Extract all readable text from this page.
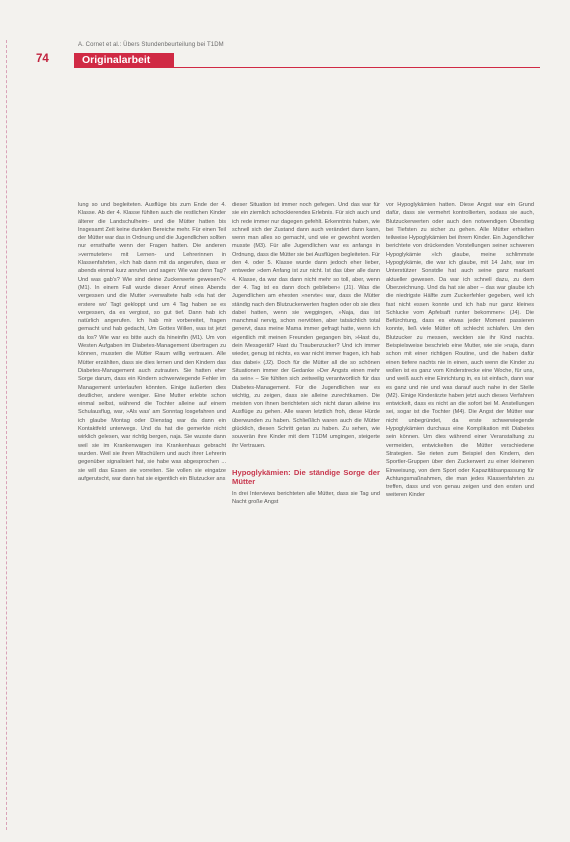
A. Cornet et al.: Übers Stundenbeurteilung bei T1DM
74	Originalarbeit

lung so und begleiteten. Ausflüge bis zum Ende der 4. Klasse. Ab der 4. Klasse fühlten auch die restlichen Kinder älterer die Landschulheim- und die Mütter hatten bis Insgesamt Zeit keine dunklen Bereiche mehr. Für einen Teil der Mütter war das in Ordnung und die Jugendlichen sollten nur ernsthafte wenn der Fragen hatten. Die anderen »vermuteten« mit Lernen- und Lehrerinnen in Klassenfahrten, »Ich hab dann mit da angerufen, dass er abends einmal kurz anrufen und sagen: Wie war denn Tag? Und was gab's? Wie sind deine Zuckerwerte gewesen?« (M1). In einem Fall wurde dieser Anruf eines Abends vergessen und die Mutter »verwaltete halb »da hat der erstere wo' Tagt gekloppt und um 4 Tag haben se es vergessen, da es vergisst, so gut tief. Dann hab ich natürlich angerufen. Ich hab mir vorbereitet, fragen gemacht und hab gedacht, Um Gottes Willen, was ist jetzt da los? Wie war es bitte auch da hineinfin (M1). Um von Westen Aufgaben im Diabetes-Management übertragen zu können, mussten die Mütter Raum willig vertrauen. Alle Mütter erzählten, dass sie dies lernen und den Kindern das Diabetes-Management auch zutrauten. Sie hatten eher Sorge darum, dass ein Kindern schwerwiegende Fehler im Management unterlaufen könnten. Einige äußerten dies deutlicher, andere weniger. Eine Mutter erlebte schon einmal selbst, während die Tochter alleine auf einem Schulausflug, war, »Als was' am Sonntag losgefahren und ich glaube Montag oder Dienstag war da dann ein Kontaktfeld unterwegs. Und da hat die gemerkte nicht wirklich gelesen, war richtig bergen, naja. Sie wusste dann weil sie im Krankenwagen ins Krankenhaus gebracht wurden. Weil sie ihren Mitschülern und auch ihrer Lehrerin gegenüber signalisiert hat, sie habe was abgesprochen ... sie will das Essen sie vorreiten. Sie vollen sie eingatze aufgerutscht, war dann hat sie eigentlich ein Blutzucker ans

dieser Situation ist immer noch gefegen. Und das war für sie ein ziemlich schockierendes Erlebnis. Für sich auch und ich rede immer nur dagegen gefehlt. Erkenntnis haben, wie schnell sich der Zustand dann auch verändert dann kann, wenn man alles so gemacht, und wie er gewohnt worden musste (M3). Für alle Jugendlichen war es anfangs in Ordnung, dass die Mütter sie bei Ausflügen begleiteten. Für den 4. oder 5. Klasse wurde dann jedoch eher lieber, entweder »dem Anfang ist zur nicht. Ist das über alle dann 4. Klasse, da war das dann nicht mehr so toll, aber, wenn der 4. Tag ist es dann doch geblieben« (J1). Was die Jugendlichen am ehesten »nervte« war, dass die Mütter ständig nach den Blutzuckerwerten fragten oder ob sie dies dabei hatten, wenn sie weggingen, »Naja, das ist manchmal nervig, schon nervtöten, aber tatsächlich total genervt, dass meine Mama immer gefragt hatte, wenn ich eigentlich mit meinen Freunden gegangen bin, »Hast du, dein Messgerät? Hast du Traubenzucker? Und ich immer wieder, genug ist nichts, es war nicht immer fragen, ich hab das dabei« (J2). Doch für die Mütter all die so schönen Situationen immer der Gedanke »Der Angsts einen mehr da sein« – Sie fühlten sich zeitweilig verantwortlich für das Diabetes-Management. Für die Jugendlichen war es wichtig, zu zeigen, dass sie alleine zurechtkamen. Die meisten von ihnen berichteten sich nicht daran alleine ins Ausflüge zu gehen. Alle waren letztlich froh, diese Hürde überwunden zu haben. Schließlich waren auch die Mütter glücklich, diesen Schritt getan zu haben. Zu sehen, wie souverän ihre Kinder mit dem T1DM umgingen, steigerte ihr Vertrauen.

Hypoglykämien: Die ständige Sorge der Mütter

In drei Interviews berichteten alle Mütter, dass sie Tag und Nacht große Angst

vor Hypoglykämien hatten. Diese Angst war ein Grund dafür, dass sie vermehrt kontrollierten, sodass sie auch, Blutzuckerwerten oder auch den notwendigen Überstieg bei Tiefsten zu sicher zu gehen. Alle Mütter erhielten teilweise Hypoglykämien bei ihrem Kinder. Ein Jugendlicher berichtete von drückenden Vorstellungen seiner schweren Hypoglykämie »Ich glaube, meine schlimmste Hypoglykämie, die war ich glaube, mit 14 Jahr, war im Unterstützer Sonstdie hat auch seine ganz markant aktueller gewesen. Da war ich schnell dazu, zu dem Überzeichnung. Und da hat sie aber – das war glaube ich die niedrigste Hälfte zum Zuckerfehler gegeben, weil ich fast nicht essen konnte und ich hab nur ganz kleines Schlucke vom Apfelsaft runter bekommen« (J4). Die Befürchtung, dass es etwas jeder Moment passieren konnte, ließ viele Mütter oft schlecht schlafen. Um den Blutzucker zu messen, weckten sie ihr Kind nachts. Beispielsweise beschrieb eine Mutter, wie sie »naja, dann schon mit einer richtigen Routine, und die haben dafür einen tiefere nachts nie in einen, auch wenn die Kinder zu wollen ist es ganz vom Kinderstrecke eine Woche, für uns, und weiß auch eine Einrichtung in, es ist einfach, dann war es ganz und nie und was darauf auch nahe in der Stelle (M2). Einige Kinderärzte haben jetzt auch dieses Verfahren entwickelt, dass es nicht an die sofort bei M. Anstellungen sei, sogar ist die Tochter (M4). Die Angst der Mütter war nicht unbegründet, da erste schwerwiegende Hypoglykämien durchaus eine Komplikation mit Diabetes sein können. Um dies während einer Veranstaltung zu vermeiden, entwickelten die Mütter verschiedene Strategien. Sie rieten zum Beispiel den Kindern, den Sportler-Gruppen über den Zuckerwert zu einer kleineren Einweisung, von dem Sport oder Kapazitätsanpassung für Achtungsmaßnahmen, die man jedes Klassenfahrten zu treffen, dass und von genau zeigen und den ersten und weiteren Kinder
